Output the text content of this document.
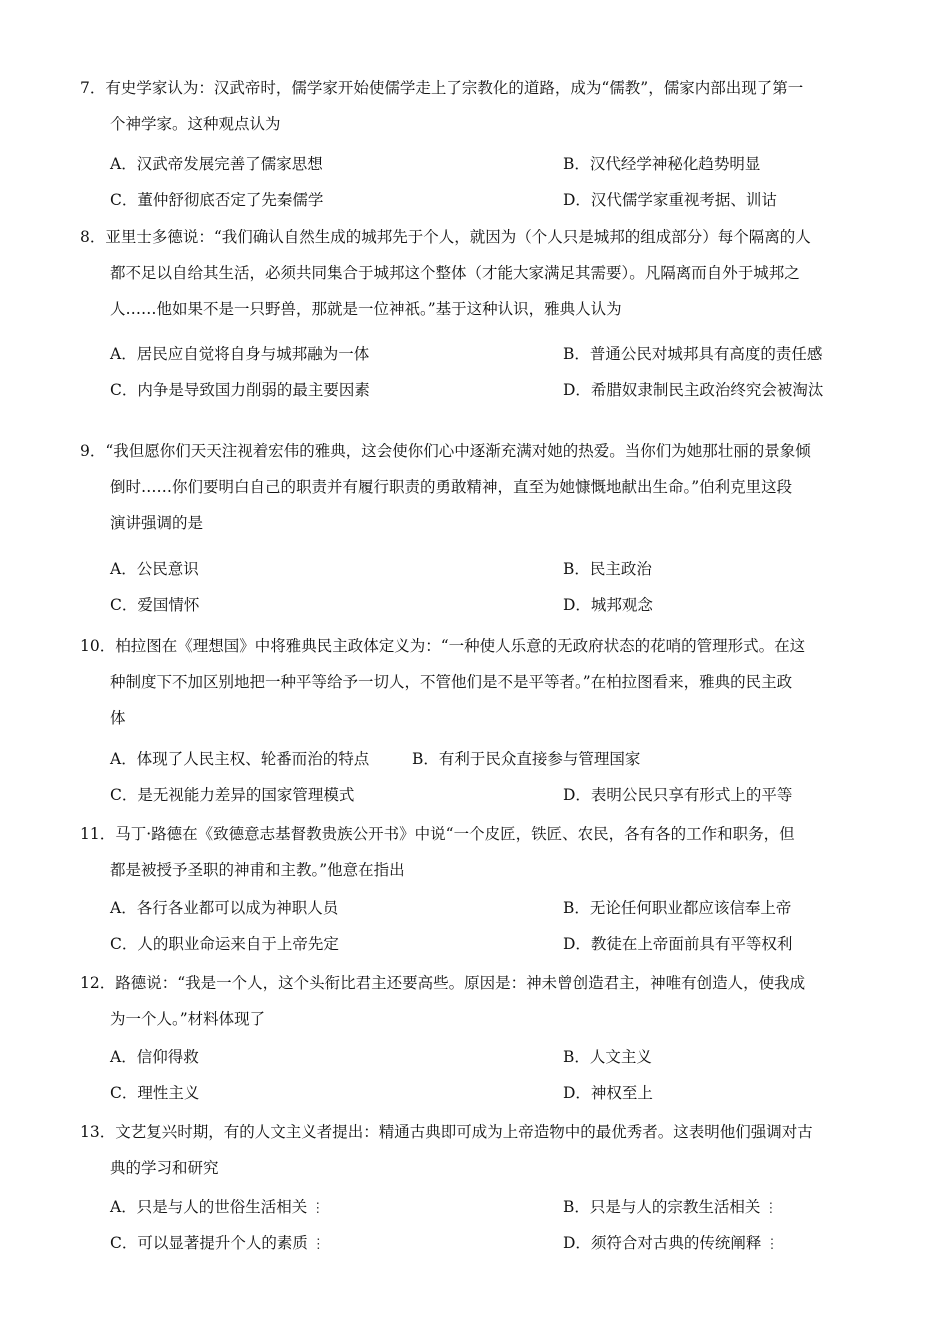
7．有史学家认为：汉武帝时，儒学家开始使儒学走上了宗教化的道路，成为“儒教”，儒家内部出现了第一
个神学家。这种观点认为
A．汉武帝发展完善了儒家思想	B．汉代经学神秘化趋势明显
C．董仲舒彻底否定了先秦儒学	D．汉代儒学家重视考据、训诂
8．亚里士多德说：“我们确认自然生成的城邦先于个人，就因为（个人只是城邦的组成部分）每个隔离的人
都不足以自给其生活，必须共同集合于城邦这个整体（才能大家满足其需要）。凡隔离而自外于城邦之
人……他如果不是一只野兽，那就是一位神祇。”基于这种认识，雅典人认为
A．居民应自觉将自身与城邦融为一体	B．普通公民对城邦具有高度的责任感
C．内争是导致国力削弱的最主要因素	D．希腊奴隶制民主政治终究会被淘汰
9．“我但愿你们天天注视着宏伟的雅典，这会使你们心中逐渐充满对她的热爱。当你们为她那壮丽的景象倾
倒时……你们要明白自己的职责并有履行职责的勇敢精神，直至为她慷慨地献出生命。”伯利克里这段
演讲强调的是
A．公民意识	B．民主政治
C．爱国情怀	D．城邦观念
10．柏拉图在《理想国》中将雅典民主政体定义为：“一种使人乐意的无政府状态的花哨的管理形式。在这
种制度下不加区别地把一种平等给予一切人，不管他们是不是平等者。”在柏拉图看来，雅典的民主政
体
A．体现了人民主权、轮番而治的特点	B．有利于民众直接参与管理国家
C．是无视能力差异的国家管理模式	D．表明公民只享有形式上的平等
11．马丁·路德在《致德意志基督教贵族公开书》中说“一个皮匠，铁匠、农民，各有各的工作和职务，但
都是被授予圣职的神甫和主教。”他意在指出
A．各行各业都可以成为神职人员	B．无论任何职业都应该信奉上帝
C．人的职业命运来自于上帝先定	D．教徒在上帝面前具有平等权利
12．路德说：“我是一个人，这个头衔比君主还要高些。原因是：神未曾创造君主，神唯有创造人，使我成
为一个人。”材料体现了
A．信仰得救	B．人文主义
C．理性主义	D．神权至上
13．文艺复兴时期，有的人文主义者提出：精通古典即可成为上帝造物中的最优秀者。这表明他们强调对古
典的学习和研究
A．只是与人的世俗生活相关 ⋮	B．只是与人的宗教生活相关 ⋮
C．可以显著提升个人的素质 ⋮	D．须符合对古典的传统阐释 ⋮
